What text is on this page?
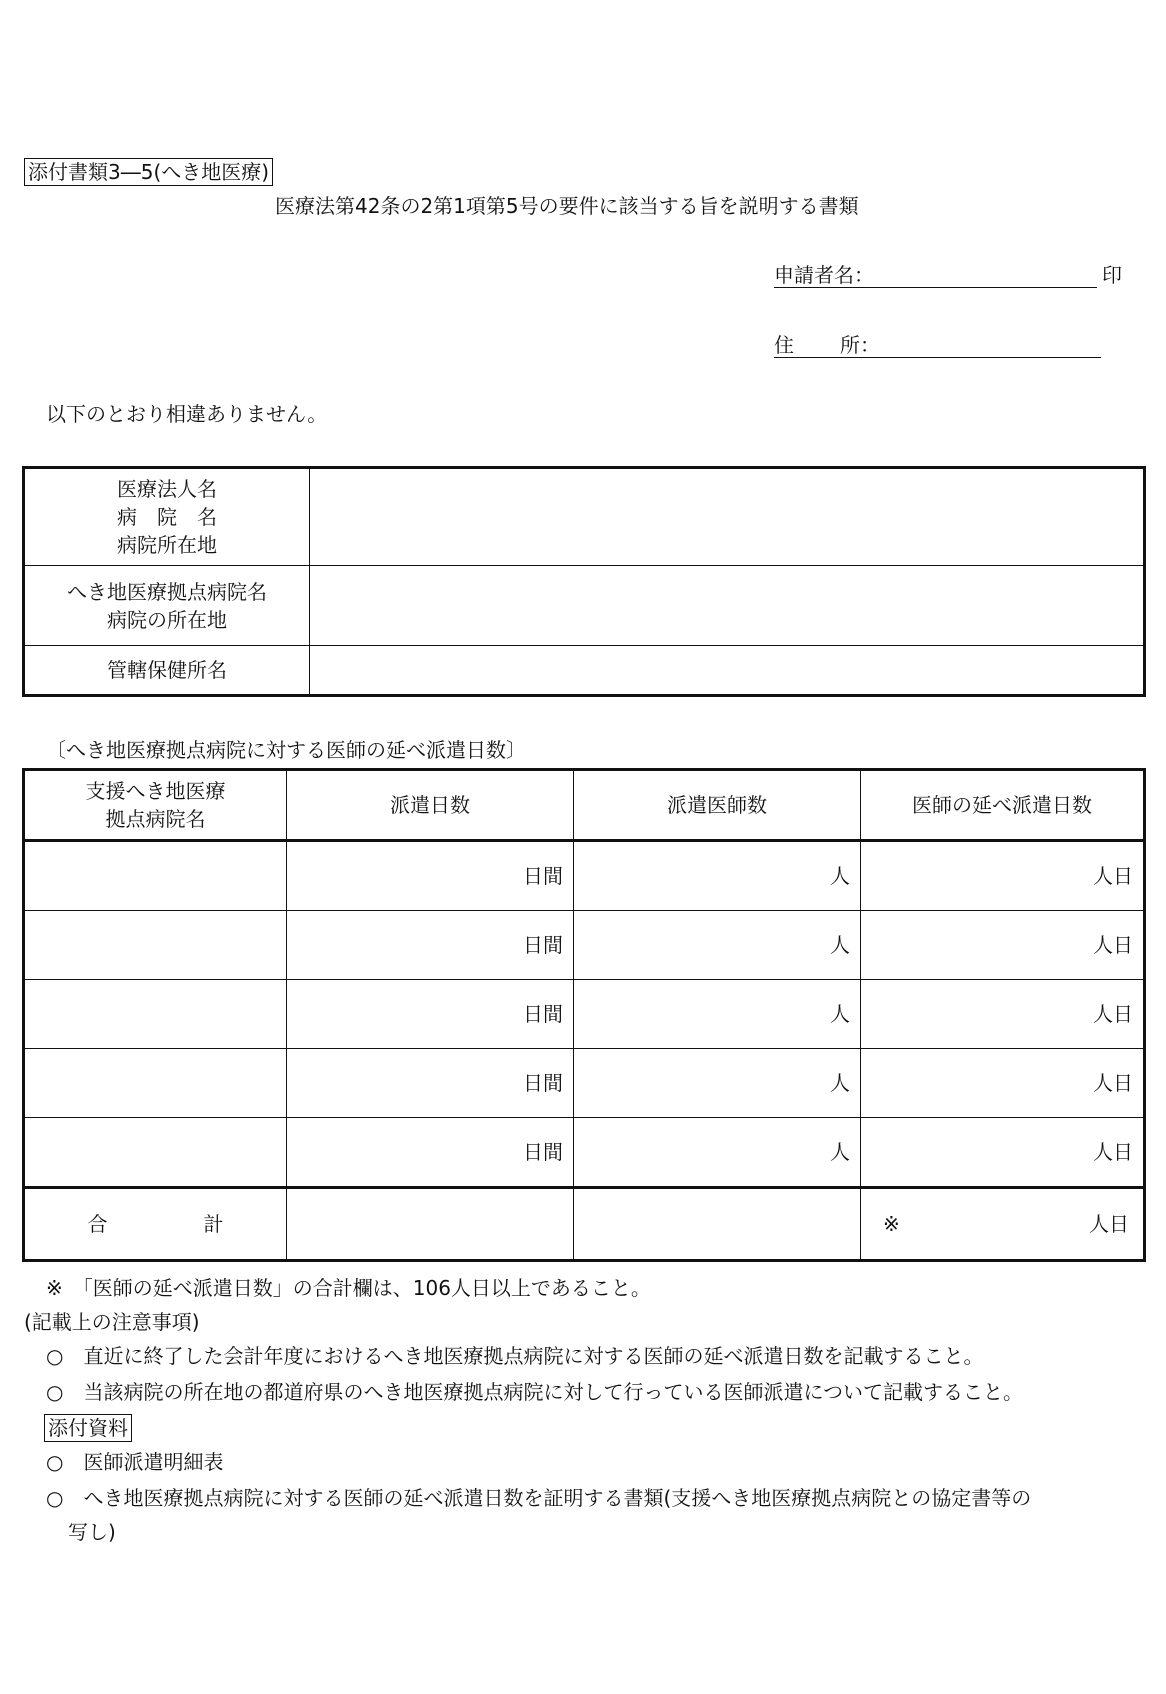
添付書類3―5(へき地医療)
医療法第42条の2第1項第5号の要件に該当する旨を説明する書類
申請者名：	印
住 所：
以下のとおり相違ありません。
医療法人名
病　院　名
病院所在地	

へき地医療拠点病院名
病院の所在地	

管轄保健所名	
〔へき地医療拠点病院に対する医師の延べ派遣日数〕
支援へき地医療
拠点病院名	派遣日数	派遣医師数	医師の延べ派遣日数
	日間	人	人日
	日間	人	人日
	日間	人	人日
	日間	人	人日
	日間	人	人日

合 計			※ 人日
※　「医師の延べ派遣日数」の合計欄は、106人日以上であること。
(記載上の注意事項)
○　直近に終了した会計年度におけるへき地医療拠点病院に対する医師の延べ派遣日数を記載すること。
○　当該病院の所在地の都道府県のへき地医療拠点病院に対して行っている医師派遣について記載すること。
添付資料
○　医師派遣明細表
○　へき地医療拠点病院に対する医師の延べ派遣日数を証明する書類(支援へき地医療拠点病院との協定書等の
写し)
